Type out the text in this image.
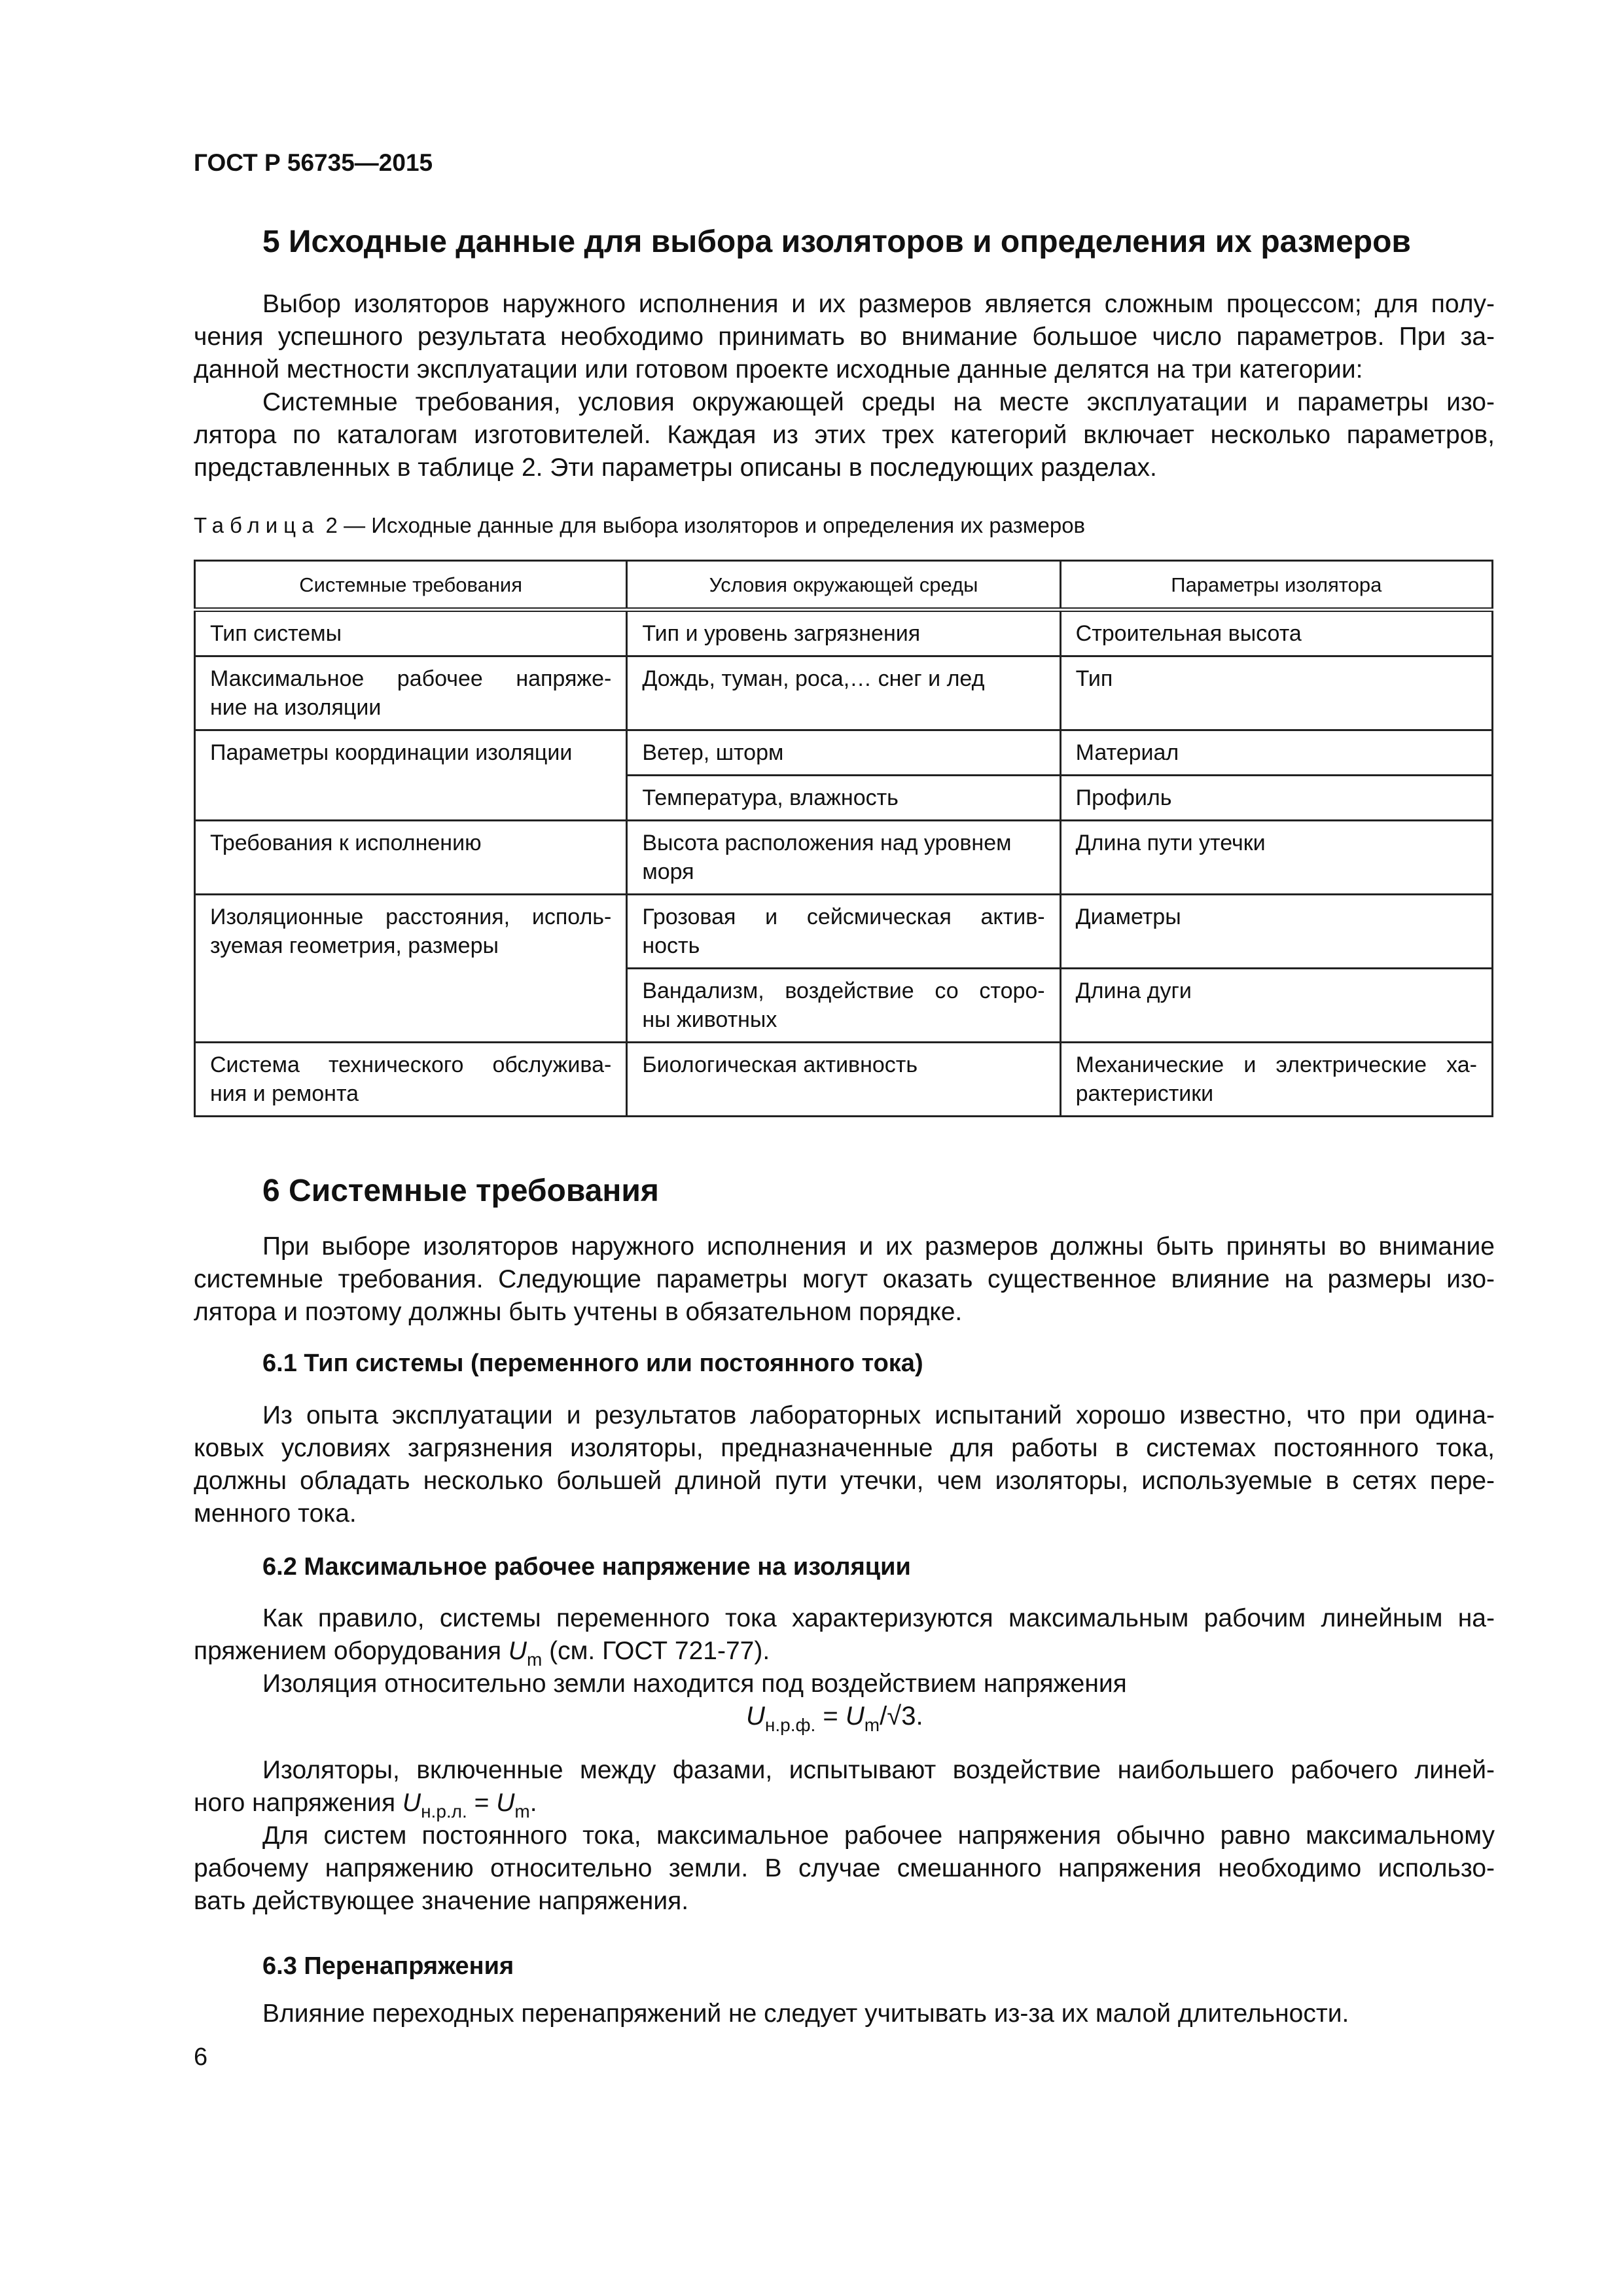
ГОСТ Р 56735—2015
5 Исходные данные для выбора изоляторов и определения их размеров
Выбор изоляторов наружного исполнения и их размеров является сложным процессом; для полу-
чения успешного результата необходимо принимать во внимание большое число параметров. При за-
данной местности эксплуатации или готовом проекте исходные данные делятся на три категории:
Системные требования, условия окружающей среды на месте эксплуатации и параметры изо-
лятора по каталогам изготовителей. Каждая из этих трех категорий включает несколько параметров,
представленных в таблице 2. Эти параметры описаны в последующих разделах.
Таблица 2 — Исходные данные для выбора изоляторов и определения их размеров
Системные требования	Условия окружающей среды	Параметры изолятора

Тип системы	Тип и уровень загрязнения	Строительная высота

Максимальное рабочее напряже-
ние на изоляции	Дождь, туман, роса,… снег и лед	Тип

Параметры координации изоляции	Ветер, шторм	Материал

	Температура, влажность	Профиль

Требования к исполнению	Высота расположения над уровнем
моря	Длина пути утечки

Изоляционные расстояния, исполь-
зуемая геометрия, размеры	Грозовая и сейсмическая актив-
ность	Диаметры

	Вандализм, воздействие со сторо-
ны животных	Длина дуги

Система технического обслужива-
ния и ремонта	Биологическая активность	Механические и электрические ха-
рактеристики
6 Системные требования
При выборе изоляторов наружного исполнения и их размеров должны быть приняты во внимание
системные требования. Следующие параметры могут оказать существенное влияние на размеры изо-
лятора и поэтому должны быть учтены в обязательном порядке.
6.1 Тип системы (переменного или постоянного тока)
Из опыта эксплуатации и результатов лабораторных испытаний хорошо известно, что при одина-
ковых условиях загрязнения изоляторы, предназначенные для работы в системах постоянного тока,
должны обладать несколько большей длиной пути утечки, чем изоляторы, используемые в сетях пере-
менного тока.
6.2 Максимальное рабочее напряжение на изоляции
Как правило, системы переменного тока характеризуются максимальным рабочим линейным на-
пряжением оборудования $U_m$ (см. ГОСТ 721-77).
Изоляция относительно земли находится под воздействием напряжения
$U_{н.р.ф.} = U_m/√3$.
Изоляторы, включенные между фазами, испытывают воздействие наибольшего рабочего линей-
ного напряжения $U_{н.р.л.} = U_m$.
Для систем постоянного тока, максимальное рабочее напряжения обычно равно максимальному
рабочему напряжению относительно земли. В случае смешанного напряжения необходимо использо-
вать действующее значение напряжения.
6.3 Перенапряжения
Влияние переходных перенапряжений не следует учитывать из-за их малой длительности.
6
